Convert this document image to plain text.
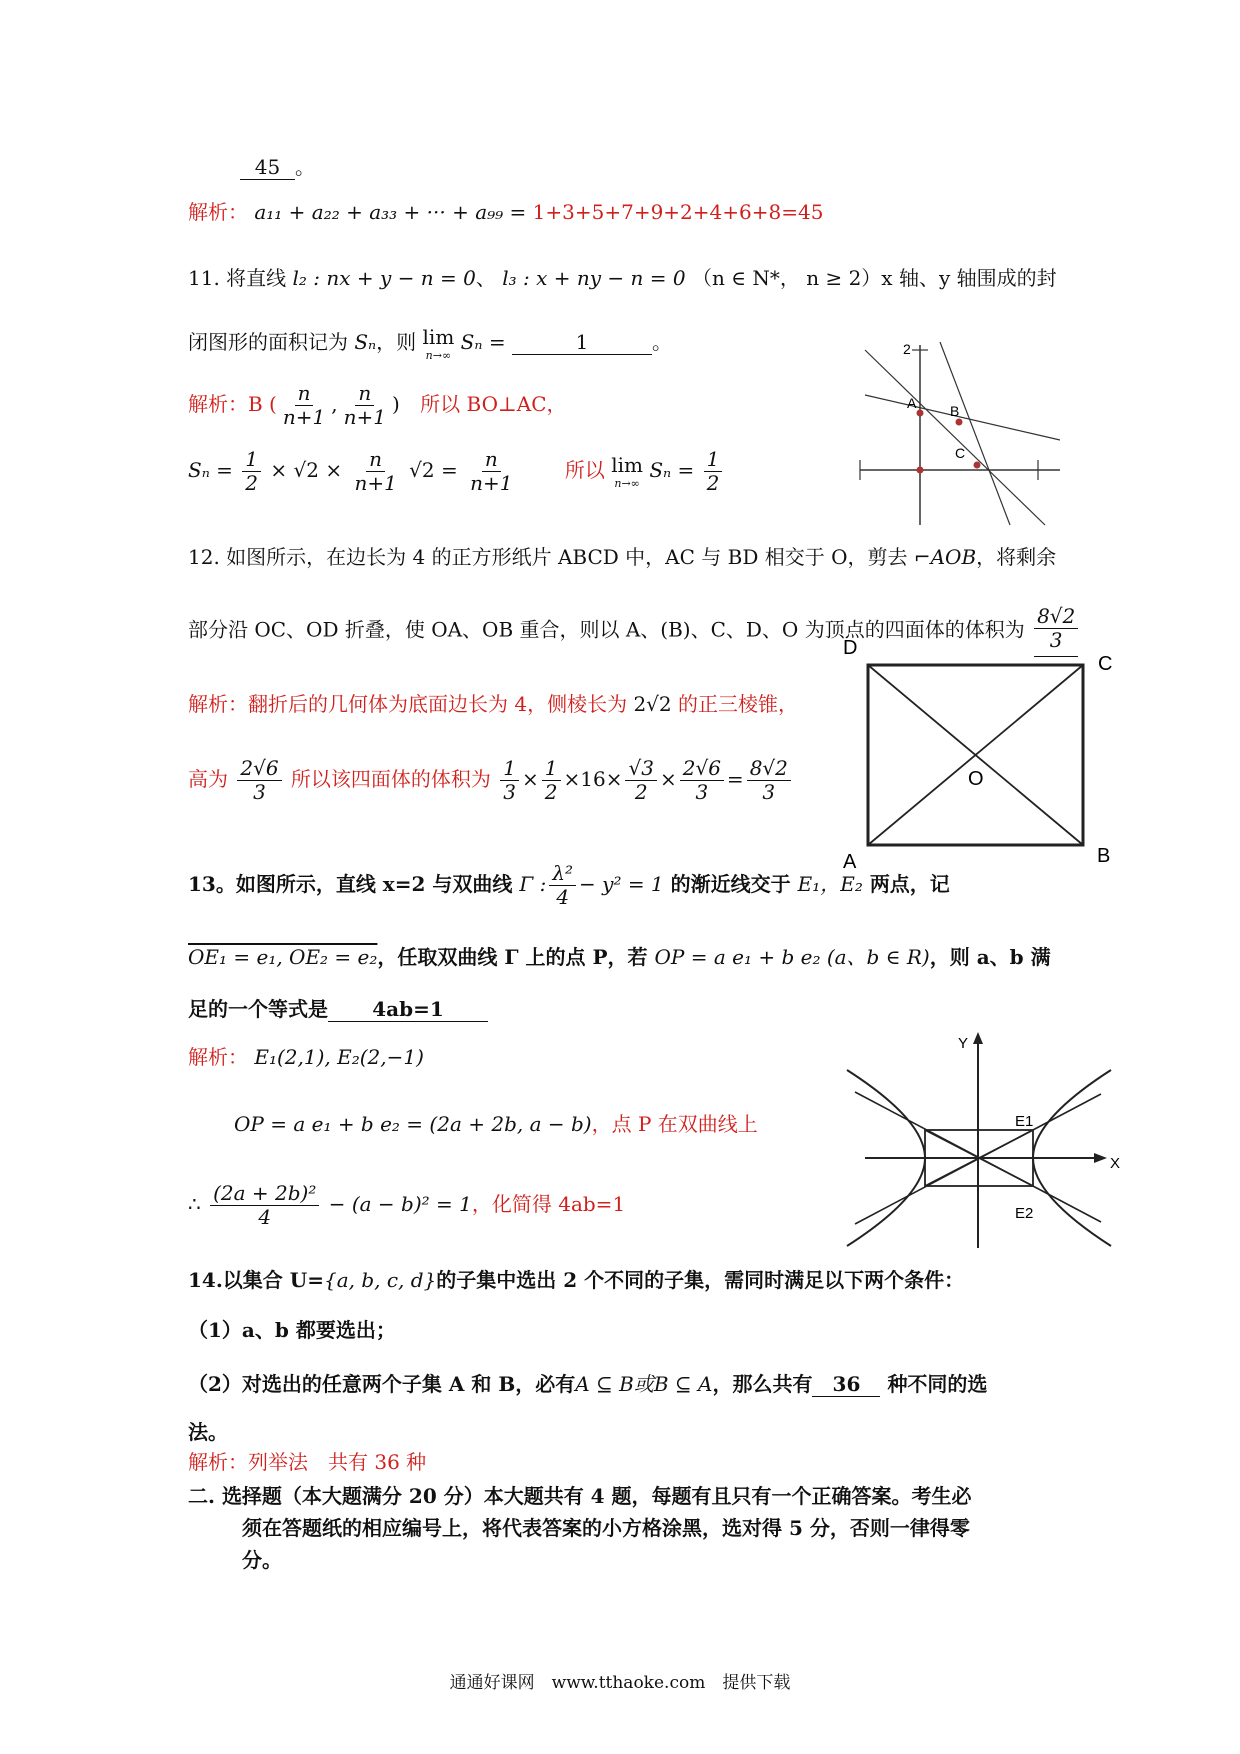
45 。
解析： a₁₁ + a₂₂ + a₃₃ + ··· + a₉₉ = 1+3+5+7+9+2+4+6+8=45
11. 将直线 l₂ : nx + y − n = 0、 l₃ : x + ny − n = 0 （n ∈ N*， n ≥ 2）x 轴、y 轴围成的封
闭图形的面积记为 Sₙ，则 lim
n→∞
Sₙ =	1	。
解析：B ( $\frac{n}{n+1}$ , $\frac{n}{n+1}$ ) 所以 BO⊥AC，
$S_n = \frac{1}{2} \times √2 \times \frac{n}{n+1} √2 = \frac{n}{n+1}$ 所以 lim
n→∞
$S_n = \frac{1}{2}$
2
A B
C
12. 如图所示，在边长为 4 的正方形纸片 ABCD 中，AC 与 BD 相交于 O，剪去 ⌐AOB，将剩余
部分沿 OC、OD 折叠，使 OA、OB 重合，则以 A、(B)、C、D、O 为顶点的四面体的体积为 $\frac{8√2}{3}$
解析：翻折后的几何体为底面边长为 4，侧棱长为 2√2 的正三棱锥，
高为 $\frac{2√6}{3}$ 所以该四面体的体积为 $\frac{1}{3} \times \frac{1}{2} \times 16\times \frac{√3}{2} \times \frac{2√6}{3} = \frac{8√2}{3}$
D
C
O
A	B
13。如图所示，直线 x=2 与双曲线 Γ : $\frac{\text{λ²}}{4} - y^2 = 1$ 的渐近线交于 E₁，E₂ 两点，记
OE₁ = e₁, OE₂ = e₂，任取双曲线 Γ 上的点 P，若 OP = a e₁ + b e₂ (a、b ∈ R)，则 a、b 满
足的一个等式是 4ab=1
解析： E₁(2,1), E₂(2,−1)
OP = a e₁ + b e₂ = (2a + 2b, a − b)，点 P 在双曲线上
∴ $\frac{\text{(2a + 2b)²}}{4} - (a - b)^2 = 1$，化简得 4ab=1
Y
X
E1
E2
14.以集合 U={a, b, c, d}的子集中选出 2 个不同的子集，需同时满足以下两个条件：
（1）a、b 都要选出；
（2）对选出的任意两个子集 A 和 B，必有A ⊆ B或B ⊆ A，那么共有 36 种不同的选
法。
解析：列举法　共有 36 种
二. 选择题（本大题满分 20 分）本大题共有 4 题，每题有且只有一个正确答案。考生必
须在答题纸的相应编号上，将代表答案的小方格涂黑，选对得 5 分，否则一律得零
分。
通通好课网　www.tthaoke.com　提供下载
